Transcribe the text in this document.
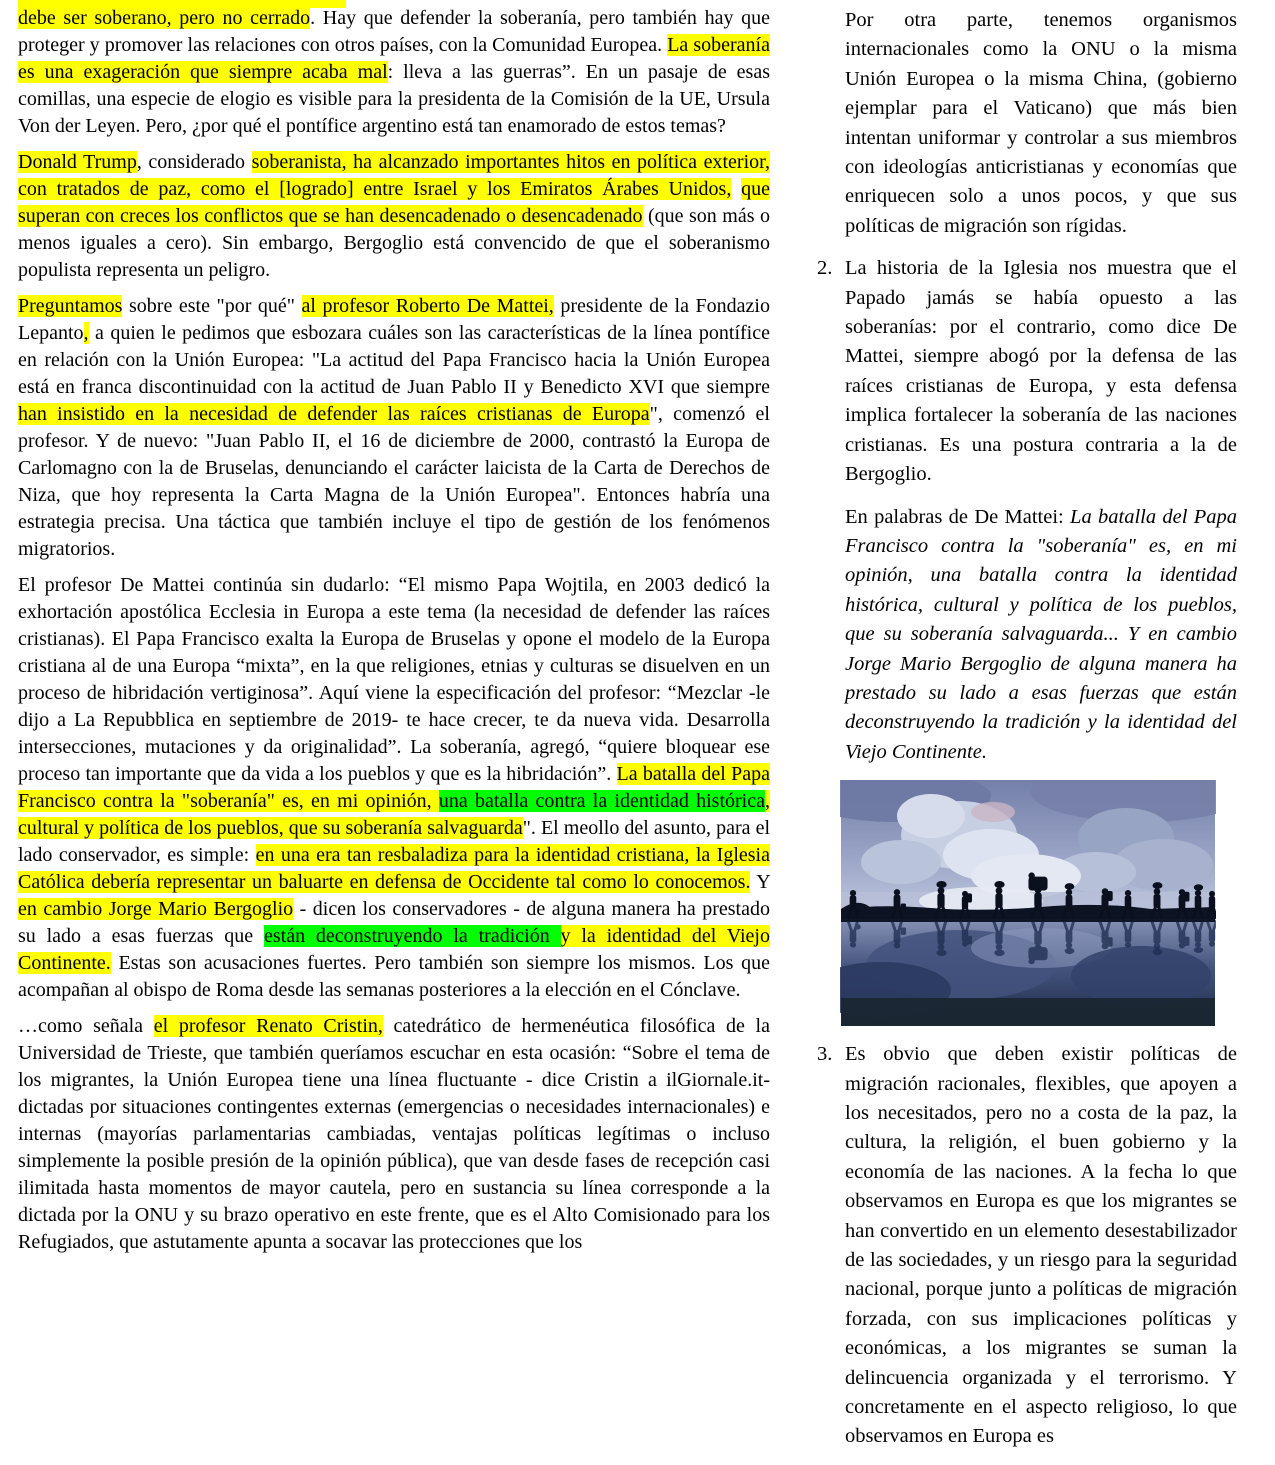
debe ser soberano, pero no cerrado. Hay que defender la soberanía, pero también hay que proteger y promover las relaciones con otros países, con la Comunidad Europea. La soberanía es una exageración que siempre acaba mal: lleva a las guerras”. En un pasaje de esas comillas, una especie de elogio es visible para la presidenta de la Comisión de la UE, Ursula Von der Leyen. Pero, ¿por qué el pontífice argentino está tan enamorado de estos temas?

Donald Trump, considerado soberanista, ha alcanzado importantes hitos en política exterior, con tratados de paz, como el [logrado] entre Israel y los Emiratos Árabes Unidos, que superan con creces los conflictos que se han desencadenado o desencadenado (que son más o menos iguales a cero). Sin embargo, Bergoglio está convencido de que el soberanismo populista representa un peligro.

Preguntamos sobre este "por qué" al profesor Roberto De Mattei, presidente de la Fondazio Lepanto, a quien le pedimos que esbozara cuáles son las características de la línea pontífice en relación con la Unión Europea: "La actitud del Papa Francisco hacia la Unión Europea está en franca discontinuidad con la actitud de Juan Pablo II y Benedicto XVI que siempre han insistido en la necesidad de defender las raíces cristianas de Europa", comenzó el profesor. Y de nuevo: "Juan Pablo II, el 16 de diciembre de 2000, contrastó la Europa de Carlomagno con la de Bruselas, denunciando el carácter laicista de la Carta de Derechos de Niza, que hoy representa la Carta Magna de la Unión Europea". Entonces habría una estrategia precisa. Una táctica que también incluye el tipo de gestión de los fenómenos migratorios.

El profesor De Mattei continúa sin dudarlo: “El mismo Papa Wojtila, en 2003 dedicó la exhortación apostólica Ecclesia in Europa a este tema (la necesidad de defender las raíces cristianas). El Papa Francisco exalta la Europa de Bruselas y opone el modelo de la Europa cristiana al de una Europa “mixta”, en la que religiones, etnias y culturas se disuelven en un proceso de hibridación vertiginosa”. Aquí viene la especificación del profesor: “Mezclar -le dijo a La Repubblica en septiembre de 2019- te hace crecer, te da nueva vida. Desarrolla intersecciones, mutaciones y da originalidad”. La soberanía, agregó, “quiere bloquear ese proceso tan importante que da vida a los pueblos y que es la hibridación”. La batalla del Papa Francisco contra la "soberanía" es, en mi opinión, una batalla contra la identidad histórica, cultural y política de los pueblos, que su soberanía salvaguarda". El meollo del asunto, para el lado conservador, es simple: en una era tan resbaladiza para la identidad cristiana, la Iglesia Católica debería representar un baluarte en defensa de Occidente tal como lo conocemos. Y en cambio Jorge Mario Bergoglio - dicen los conservadores - de alguna manera ha prestado su lado a esas fuerzas que están deconstruyendo la tradición y la identidad del Viejo Continente. Estas son acusaciones fuertes. Pero también son siempre los mismos. Los que acompañan al obispo de Roma desde las semanas posteriores a la elección en el Cónclave.

…como señala el profesor Renato Cristin, catedrático de hermenéutica filosófica de la Universidad de Trieste, que también queríamos escuchar en esta ocasión: “Sobre el tema de los migrantes, la Unión Europea tiene una línea fluctuante - dice Cristin a ilGiornale.it- dictadas por situaciones contingentes externas (emergencias o necesidades internacionales) e internas (mayorías parlamentarias cambiadas, ventajas políticas legítimas o incluso simplemente la posible presión de la opinión pública), que van desde fases de recepción casi ilimitada hasta momentos de mayor cautela, pero en sustancia su línea corresponde a la dictada por la ONU y su brazo operativo en este frente, que es el Alto Comisionado para los Refugiados, que astutamente apunta a socavar las protecciones que los

Por otra parte, tenemos organismos internacionales como la ONU o la misma Unión Europea o la misma China, (gobierno ejemplar para el Vaticano) que más bien intentan uniformar y controlar a sus miembros con ideologías anticristianas y economías que enriquecen solo a unos pocos, y que sus políticas de migración son rígidas.

2. La historia de la Iglesia nos muestra que el Papado jamás se había opuesto a las soberanías: por el contrario, como dice De Mattei, siempre abogó por la defensa de las raíces cristianas de Europa, y esta defensa implica fortalecer la soberanía de las naciones cristianas. Es una postura contraria a la de Bergoglio.

En palabras de De Mattei: La batalla del Papa Francisco contra la "soberanía" es, en mi opinión, una batalla contra la identidad histórica, cultural y política de los pueblos, que su soberanía salvaguarda... Y en cambio Jorge Mario Bergoglio de alguna manera ha prestado su lado a esas fuerzas que están deconstruyendo la tradición y la identidad del Viejo Continente.

3. Es obvio que deben existir políticas de migración racionales, flexibles, que apoyen a los necesitados, pero no a costa de la paz, la cultura, la religión, el buen gobierno y la economía de las naciones. A la fecha lo que observamos en Europa es que los migrantes se han convertido en un elemento desestabilizador de las sociedades, y un riesgo para la seguridad nacional, porque junto a políticas de migración forzada, con sus implicaciones políticas y económicas, a los migrantes se suman la delincuencia organizada y el terrorismo. Y concretamente en el aspecto religioso, lo que observamos en Europa es
